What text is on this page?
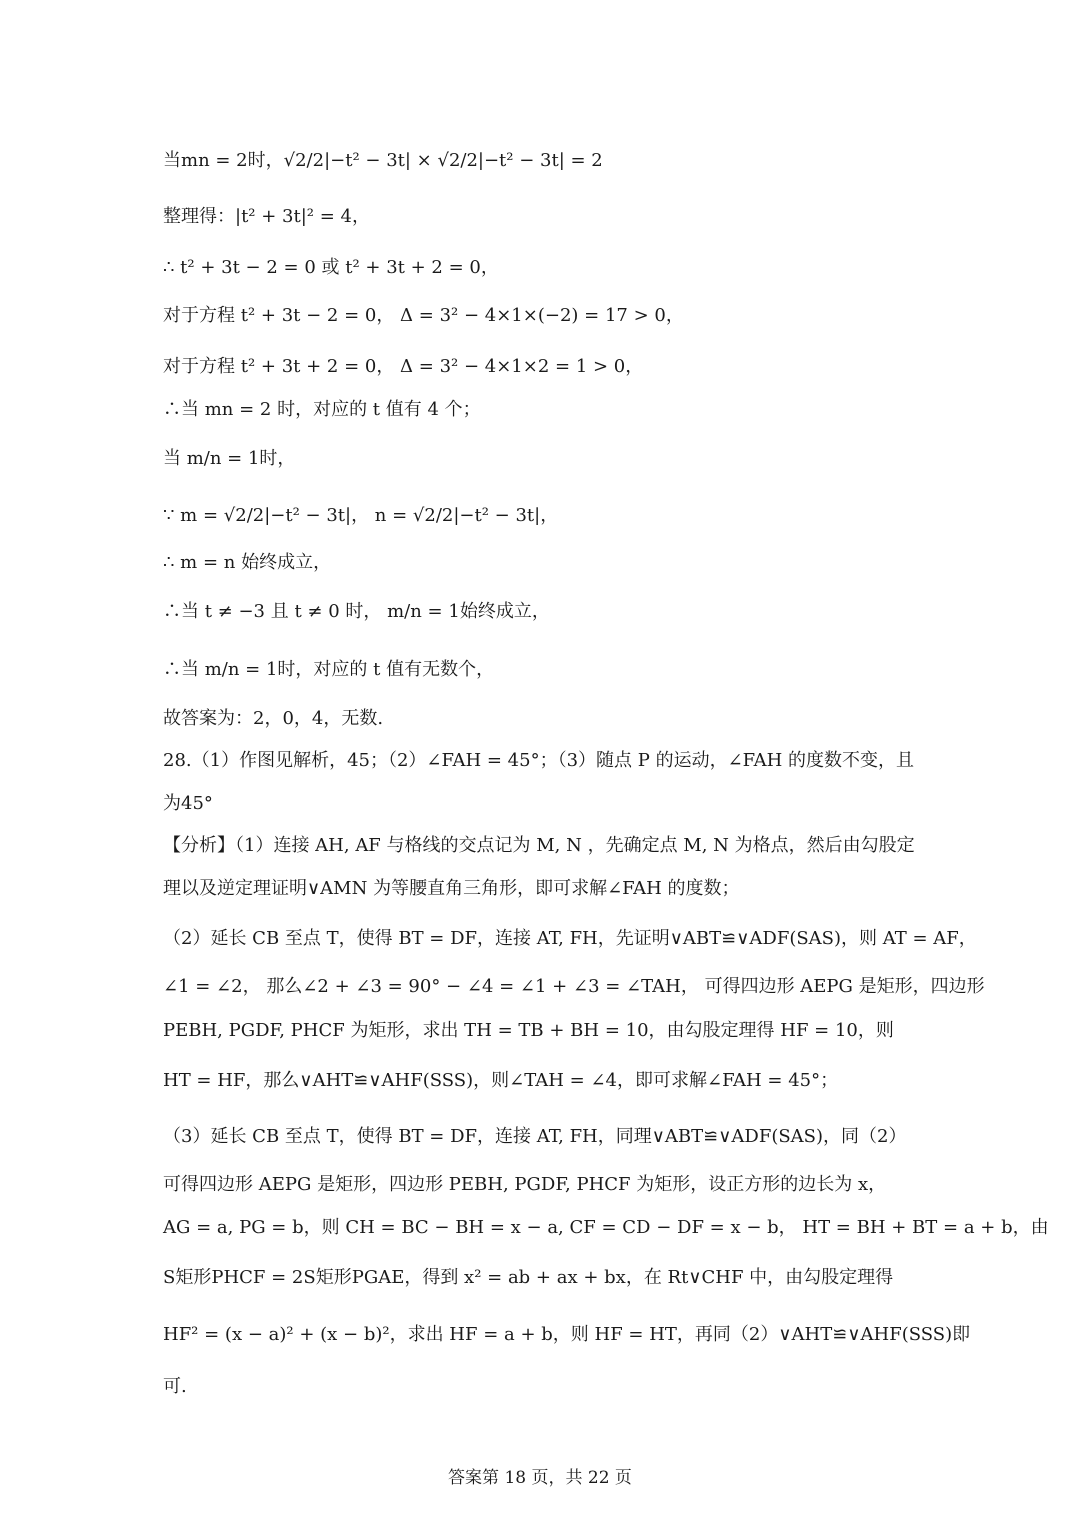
当mn = 2时，√2/2|−t² − 3t| × √2/2|−t² − 3t| = 2
整理得：|t² + 3t|² = 4，
∴ t² + 3t − 2 = 0 或 t² + 3t + 2 = 0，
对于方程 t² + 3t − 2 = 0， Δ = 3² − 4×1×(−2) = 17 > 0，
对于方程 t² + 3t + 2 = 0， Δ = 3² − 4×1×2 = 1 > 0，
∴当 mn = 2 时，对应的 t 值有 4 个；
当 m/n = 1时，
∵ m = √2/2|−t² − 3t|， n = √2/2|−t² − 3t|，
∴ m = n 始终成立，
∴当 t ≠ −3 且 t ≠ 0 时， m/n = 1始终成立，
∴当 m/n = 1时，对应的 t 值有无数个，
故答案为：2，0，4，无数.
28.（1）作图见解析，45；（2）∠FAH = 45°；（3）随点 P 的运动，∠FAH 的度数不变，且
为45°
【分析】（1）连接 AH, AF 与格线的交点记为 M, N ，先确定点 M, N 为格点，然后由勾股定
理以及逆定理证明∨AMN 为等腰直角三角形，即可求解∠FAH 的度数；
（2）延长 CB 至点 T，使得 BT = DF，连接 AT, FH，先证明∨ABT≌∨ADF(SAS)，则 AT = AF，
∠1 = ∠2， 那么∠2 + ∠3 = 90° − ∠4 = ∠1 + ∠3 = ∠TAH， 可得四边形 AEPG 是矩形，四边形
PEBH, PGDF, PHCF 为矩形，求出 TH = TB + BH = 10，由勾股定理得 HF = 10，则
HT = HF，那么∨AHT≌∨AHF(SSS)，则∠TAH = ∠4，即可求解∠FAH = 45°；
（3）延长 CB 至点 T，使得 BT = DF，连接 AT, FH，同理∨ABT≌∨ADF(SAS)，同（2）
可得四边形 AEPG 是矩形，四边形 PEBH, PGDF, PHCF 为矩形，设正方形的边长为 x，
AG = a, PG = b，则 CH = BC − BH = x − a, CF = CD − DF = x − b， HT = BH + BT = a + b，由
S矩形PHCF = 2S矩形PGAE，得到 x² = ab + ax + bx，在 Rt∨CHF 中，由勾股定理得
HF² = (x − a)² + (x − b)²，求出 HF = a + b，则 HF = HT，再同（2）∨AHT≌∨AHF(SSS)即
可.
答案第 18 页，共 22 页
